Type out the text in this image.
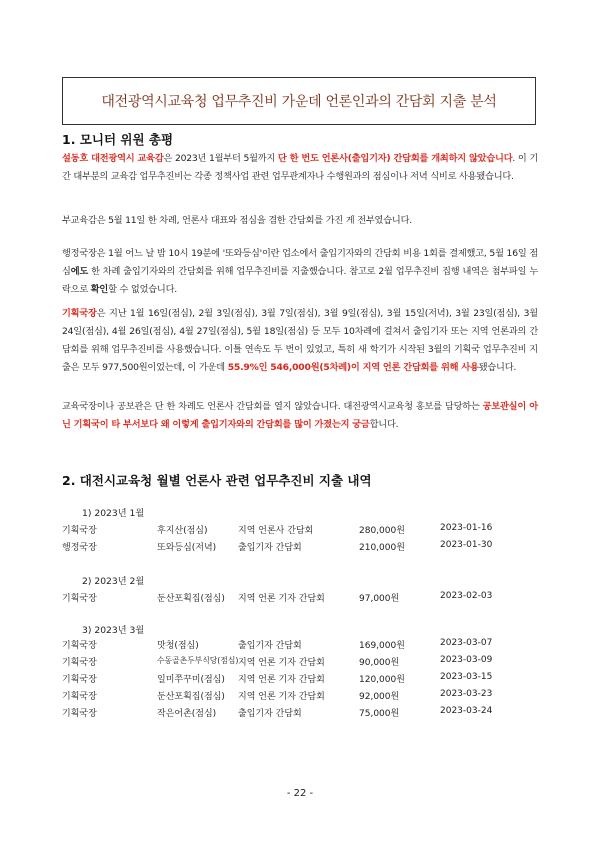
대전광역시교육청 업무추진비 가운데 언론인과의 간담회 지출 분석
1. 모니터 위원 총평
설동호 대전광역시 교육감은 2023년 1월부터 5월까지 단 한 번도 언론사(출입기자) 간담회를 개최하지 않았습니다. 이 기간 대부분의 교육감 업무추진비는 각종 정책사업 관련 업무관계자나 수행원과의 점심이나 저녁 식비로 사용됐습니다.
부교육감은 5월 11일 한 차례, 언론사 대표와 점심을 겸한 간담회를 가진 게 전부였습니다.
행정국장은 1월 어느 날 밤 10시 19분에 '또와등심'이란 업소에서 출입기자와의 간담회 비용 1회를 결제했고, 5월 16일 점심에도 한 차례 출입기자와의 간담회를 위해 업무추진비를 지출했습니다. 참고로 2월 업무추진비 집행 내역은 첨부파일 누락으로 확인할 수 없었습니다.
기획국장은 지난 1월 16일(점심), 2월 3일(점심), 3월 7일(점심), 3월 9일(점심), 3월 15일(저녁), 3월 23일(점심), 3월 24일(점심), 4월 26일(점심), 4월 27일(점심), 5월 18일(점심) 등 모두 10차례에 걸쳐서 출입기자 또는 지역 언론과의 간담회를 위해 업무추진비를 사용했습니다. 이틀 연속도 두 번이 있었고, 특히 새 학기가 시작된 3월의 기획국 업무추진비 지출은 모두 977,500원이었는데, 이 가운데 55.9%인 546,000원(5차례)이 지역 언론 간담회를 위해 사용됐습니다.
교육국장이나 공보관은 단 한 차례도 언론사 간담회를 열지 않았습니다. 대전광역시교육청 홍보를 담당하는 공보관실이 아닌 기획국이 타 부서보다 왜 이렇게 출입기자와의 간담회를 많이 가졌는지 궁금합니다.
2. 대전시교육청 월별 언론사 관련 업무추진비 지출 내역
1) 2023년 1월
기획국장	후지산(점심)	지역 언론사 간담회	280,000원	2023-01-16
행정국장	또와등심(저녁) 출입기자 간담회	210,000원	2023-01-30
2) 2023년 2월
기획국장	둔산포획집(점심) 지역 언론 기자 간담회	97,000원	2023-02-03
3) 2023년 3월
기획국장	맛청(점심)	출입기자 간담회	169,000원	2023-03-07
기획국장	수동골촌두부식당(점심) 지역 언론 기자 간담회	90,000원	2023-03-09
기획국장	일미쭈꾸미(점심) 지역 언론 기자 간담회	120,000원	2023-03-15
기획국장	둔산포획집(점심) 지역 언론 기자 간담회	92,000원	2023-03-23
기획국장	작은어촌(점심) 출입기자 간담회	75,000원	2023-03-24
- 22 -
